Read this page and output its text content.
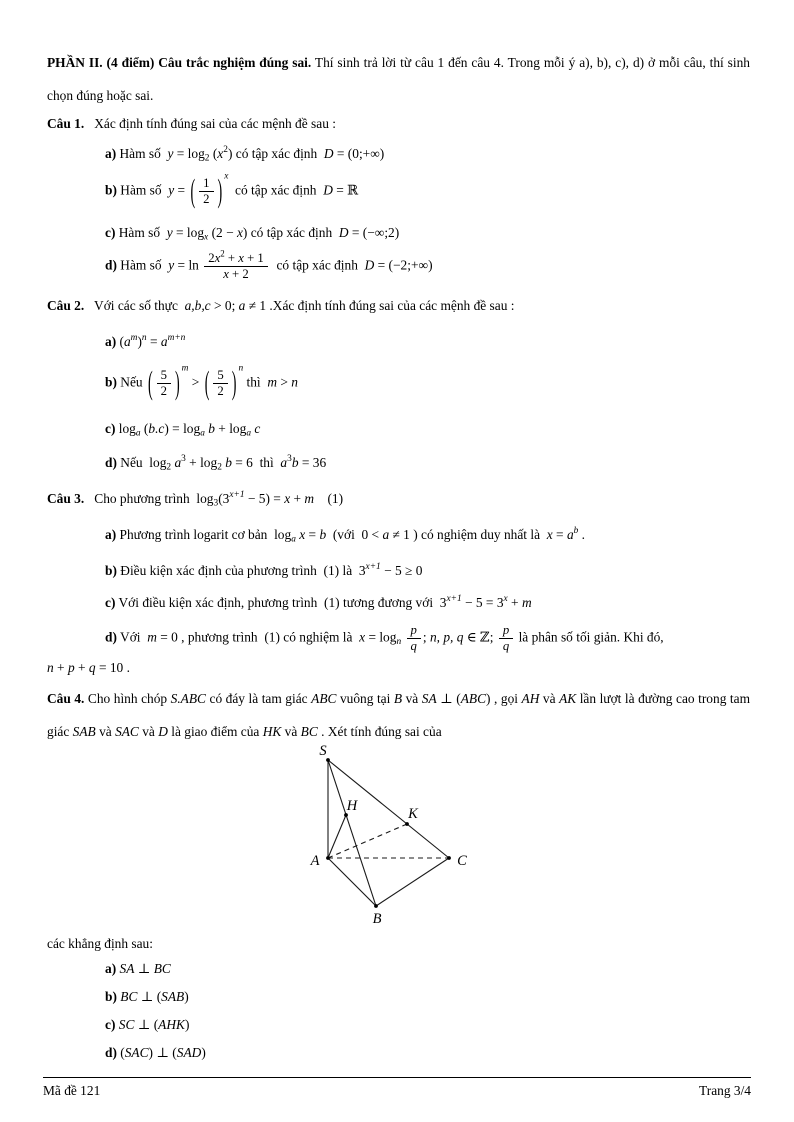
PHẦN II. (4 điểm) Câu trắc nghiệm đúng sai. Thí sinh trả lời từ câu 1 đến câu 4. Trong mỗi ý a), b), c), d) ở mỗi câu, thí sinh chọn đúng hoặc sai.
Câu 1.   Xác định tính đúng sai của các mệnh đề sau :
a) Hàm số  $y = \log_2 (x^2)$ có tập xác định  D = (0;+∞)
b) Hàm số  y = ( $\frac{1}{2}$ ) $^x$  có tập xác định  D = ℝ
c) Hàm số  $y = \log_x (2 - x)$ có tập xác định  D = (−∞;2)
d) Hàm số  $y = \ln \frac{2x^2 + x + 1}{x + 2}$ có tập xác định  D = (−2;+∞)
Câu 2.   Với các số thực  a,b,c > 0; a ≠ 1 .Xác định tính đúng sai của các mệnh đề sau :
a) $(a^m)^n = a^{m+n}$
b) Nếu ( $\frac{5}{2}$ ) $^m$ > ( $\frac{5}{2}$ ) $^n$ thì  m > n
c) $\log_a (b.c) = \log_a b + \log_a c$
d) Nếu  $\log_2 a^3 + \log_2 b = 6$  thì  $a^3b = 36$
Câu 3.   Cho phương trình  $\log_3(3^{x+1} - 5) = x + m$    (1)
a) Phương trình logarit cơ bản  $\log_a x = b$  (với  0 < a ≠ 1 ) có nghiệm duy nhất là  $x = a^b$ .
b) Điều kiện xác định của phương trình  (1) là  $3^{x+1} - 5 \ge 0$
c) Với điều kiện xác định, phương trình  (1) tương đương với  $3^{x+1} - 5 = 3^x + m$
d) Với  m = 0 , phương trình  (1) có nghiệm là  $x = \log_n \frac{p}{q}$ ; n, p, q ∈ ℤ; $\frac{p}{q}$ là phân số tối giản. Khi đó,
n + p + q = 10 .
Câu 4. Cho hình chóp S.ABC có đáy là tam giác ABC vuông tại B và SA ⊥ (ABC) , gọi AH và AK lần lượt là đường cao trong tam giác SAB và SAC và D là giao điểm của HK và BC . Xét tính đúng sai của
S
A
B
C
H	K
các khẳng định sau:
a) SA ⊥ BC
b) BC ⊥ (SAB)
c) SC ⊥ (AHK)
d) (SAC) ⊥ (SAD)
Mã đề 121	Trang 3/4
